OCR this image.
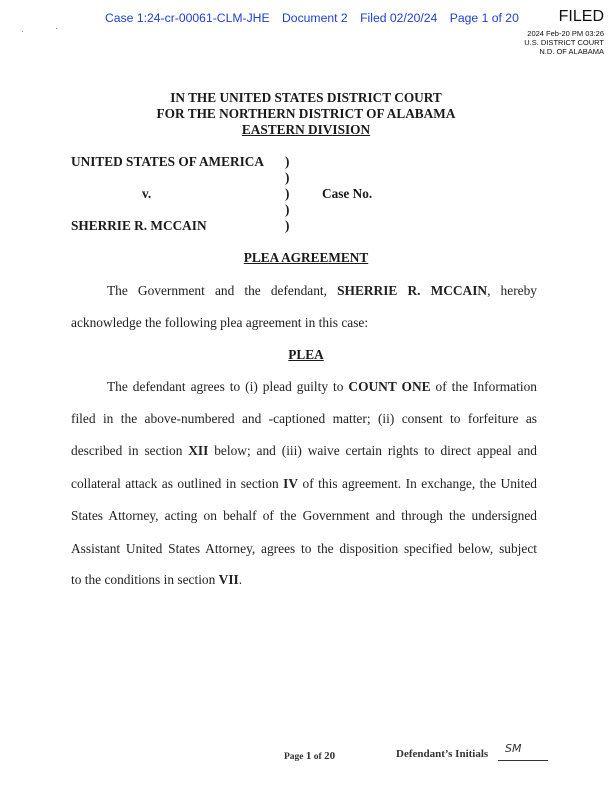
Case 1:24-cr-00061-CLM-JHE Document 2 Filed 02/20/24 Page 1 of 20 FILED
2024 Feb-20 PM 03:26
U.S. DISTRICT COURT
N.D. OF ALABAMA
IN THE UNITED STATES DISTRICT COURT
FOR THE NORTHERN DISTRICT OF ALABAMA
EASTERN DIVISION
UNITED STATES OF AMERICA
v.
SHERRIE R. MCCAIN
)
)
)
)
)
Case No.
PLEA AGREEMENT
The Government and the defendant, SHERRIE R. MCCAIN, hereby
acknowledge the following plea agreement in this case:
PLEA
The defendant agrees to (i) plead guilty to COUNT ONE of the Information
filed in the above-numbered and -captioned matter; (ii) consent to forfeiture as
described in section XII below; and (iii) waive certain rights to direct appeal and
collateral attack as outlined in section IV of this agreement. In exchange, the United
States Attorney, acting on behalf of the Government and through the undersigned
Assistant United States Attorney, agrees to the disposition specified below, subject
to the conditions in section VII.
Page 1 of 20	Defendant’s Initials SM
